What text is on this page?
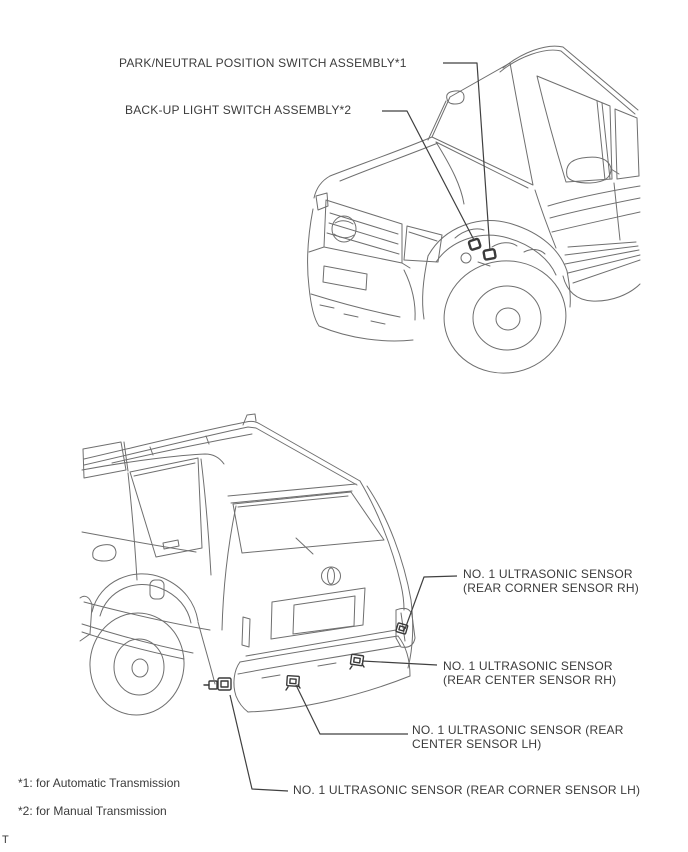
PARK/NEUTRAL POSITION SWITCH ASSEMBLY*1
BACK-UP LIGHT SWITCH ASSEMBLY*2
NO. 1 ULTRASONIC SENSOR
(REAR CORNER SENSOR RH)
NO. 1 ULTRASONIC SENSOR
(REAR CENTER SENSOR RH)
NO. 1 ULTRASONIC SENSOR (REAR
CENTER SENSOR LH)
NO. 1 ULTRASONIC SENSOR (REAR CORNER SENSOR LH)
*1: for Automatic Transmission
*2: for Manual Transmission
T
